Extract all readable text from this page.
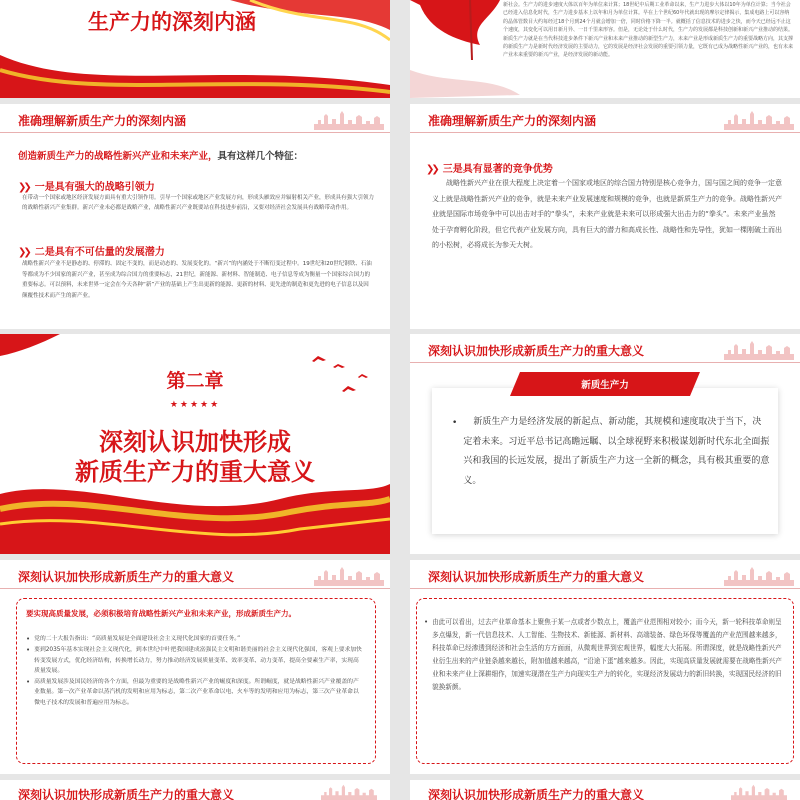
生产力的深刻内涵

新社会。生产力的进步速度大体以百年为单位来计算；18世纪中后期工业革命以来，生产力进步大体以10年为单位计算；当今社会已经进入信息化时代，生产力进步基本上以年和月为单位计算。早在上个世纪60年代就出现的摩尔定律揭示，集成电路上可以容纳的晶体管数目大约每经过18个月到24个月就会增加一倍，同时价格下降一半。就概括了信息技术的进步之快，而今天已经远不止这个速度，其变化可以用日新月异、一日千里来形容。但是，无论处于什么时代，生产力的发展都是科技创新和新兴产业推动的结果。新质生产力就是在当代科技进步条件下新兴产业和未来产业推动的新型生产力，未来产业是形成新质生产力的重要战略方向，其支撑的新质生产力是新时代经济发展的主要动力，它的发展是经济社会发展的重要引领力量，它既有已成为战略性新兴产业的，也有未来产业未来重要的新兴产业，是经济发展的新动能。

准确理解新质生产力的深刻内涵
创造新质生产力的战略性新兴产业和未来产业，具有这样几个特征：
❯❯ 一是具有强大的战略引领力

在带动一个国家或地区经济发展方面具有重大引领作用。引导一个国家或地区产业发展方向，形成头雁效应并辐射相关产业，形成具有强大引领力的战略性新兴产业集群。新兴产业未必都是战略产业，战略性新兴产业既要站在科技进步前沿，又要对经济社会发展具有战略带动作用。

❯❯ 二是具有不可估量的发展潜力

战略性新兴产业不是静态的、停滞的、固定不变的，而是动态的、发展变化的。“新兴”的内涵处于不断衍变过程中。19世纪和20世纪钢铁、石油等都成为不少国家的新兴产业，甚至成为综合国力的重要标志，21世纪，新能源、新材料、智能制造、电子信息等成为衡量一个国家综合国力的重要标志。可以预料，未来世界一定会在今天各种“新”产业的基础上产生出更新的能源、更新的材料、更先进的制造和更先进的电子信息以及因颠覆性技术而产生的新产业。

准确理解新质生产力的深刻内涵
❯❯ 三是具有显著的竞争优势

战略性新兴产业在很大程度上决定着一个国家或地区的综合国力特别是核心竞争力，国与国之间的竞争一定意义上就是战略性新兴产业的竞争，就是未来产业发展速度和规模的竞争，也就是新质生产力的竞争。战略性新兴产业就是国际市场竞争中可以出击对手的“拳头”，未来产业就是未来可以形成强大出击力的“拳头”。未来产业虽然处于孕育孵化阶段，但它代表产业发展方向，具有巨大的潜力和高成长性、战略性和先导性，犹如一棵刚破土而出的小松树，必将成长为参天大树。

第二章
★★★★★
深刻认识加快形成
新质生产力的重大意义
深刻认识加快形成新质生产力的重大意义
新质生产力
•	新质生产力是经济发展的新起点、新动能，其规模和速度取决于当下，决定着未来。习近平总书记高瞻远瞩、以全球视野来积极谋划新时代东北全面振兴和我国的长远发展，提出了新质生产力这一全新的概念，具有极其重要的意义。

深刻认识加快形成新质生产力的重大意义

要实现高质量发展，必须积极培育战略性新兴产业和未来产业，形成新质生产力。

• 党的二十大报告指出：“高质量发展是全面建设社会主义现代化国家的首要任务。”

• 要到2035年基本实现社会主义现代化，到本世纪中叶把我国建成富强民主文明和谐美丽的社会主义现代化强国，客观上要求加快转变发展方式，优化经济结构，转换增长动力，努力推动经济发展质量变革、效率变革、动力变革，提高全要素生产率，实现高质量发展。

• 高质量发展涉及国民经济的各个方面，但最为重要的是战略性新兴产业的崛度和深度。所谓崛度，就是战略性新兴产业覆盖的产业数量。第一次产业革命以蒸汽机的发明和应用为标志，第二次产业革命以电、火车等的发明和应用为标志，第三次产业革命以微电子技术的发展和普遍应用为标志。

深刻认识加快形成新质生产力的重大意义
• 由此可以看出，过去产业革命基本上聚焦于某一点或者少数点上，覆盖产业范围相对较小；而今天，新一轮科技革命则呈多点爆发，新一代信息技术、人工智能、生物技术、新能源、新材料、高端装备、绿色环保等覆盖的产业范围越来越多，科技革命已经渗透到经济和社会生活的方方面面，从微观世界到宏观世界，幅度大大拓展。所谓深度，就是战略性新兴产业衍生出来的产业链条越来越长，附加值越来越高，“沿途下蛋”越来越多。因此，实现高质量发展就需要在战略性新兴产业和未来产业上深耕细作，加速实现潜在生产力向现实生产力的转化，实现经济发展动力的新旧转换，实现国民经济的旧貌换新颜。

深刻认识加快形成新质生产力的重大意义	深刻认识加快形成新质生产力的重大意义
